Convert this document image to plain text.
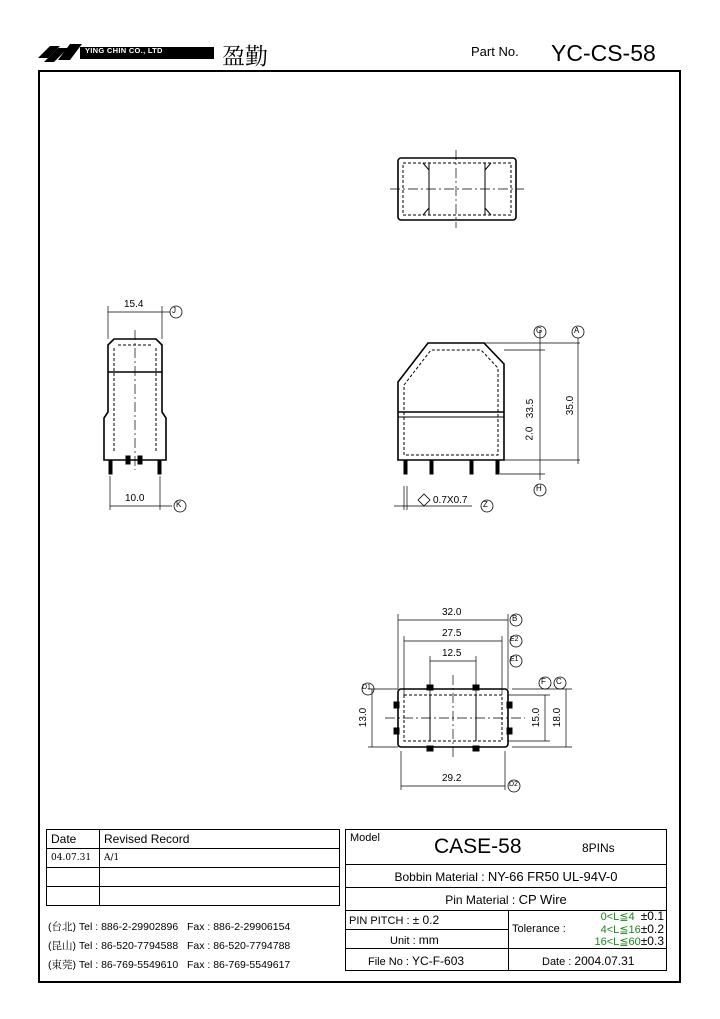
YING CHIN CO., LTD	盈勤	Part No. YC-CS-58
15.4
J
10.0
K	0.7X0.7 Z
2.0
33.5	35.0
G	A
H
32.0
B
27.5
E2
12.5
E1
13.0
D1
15.0 18.0
F C
29.2
D2
Date	Revised Record
04.07.31	A/1

(台北) Tel : 886-2-29902896 Fax : 886-2-29906154
(昆山) Tel : 86-520-7794588 Fax : 86-520-7794788
(東莞) Tel : 86-769-5549610 Fax : 86-769-5549617
Model	CASE-58	8PINs
Bobbin Material : NY-66 FR50 UL-94V-0
Pin Material : CP Wire
PIN PITCH : ± 0.2
Unit : mm
Tolerance :
0<L≦4 ±0.1
4<L≦16±0.2
16<L≦60±0.3
File No : YC-F-603	Date : 2004.07.31
